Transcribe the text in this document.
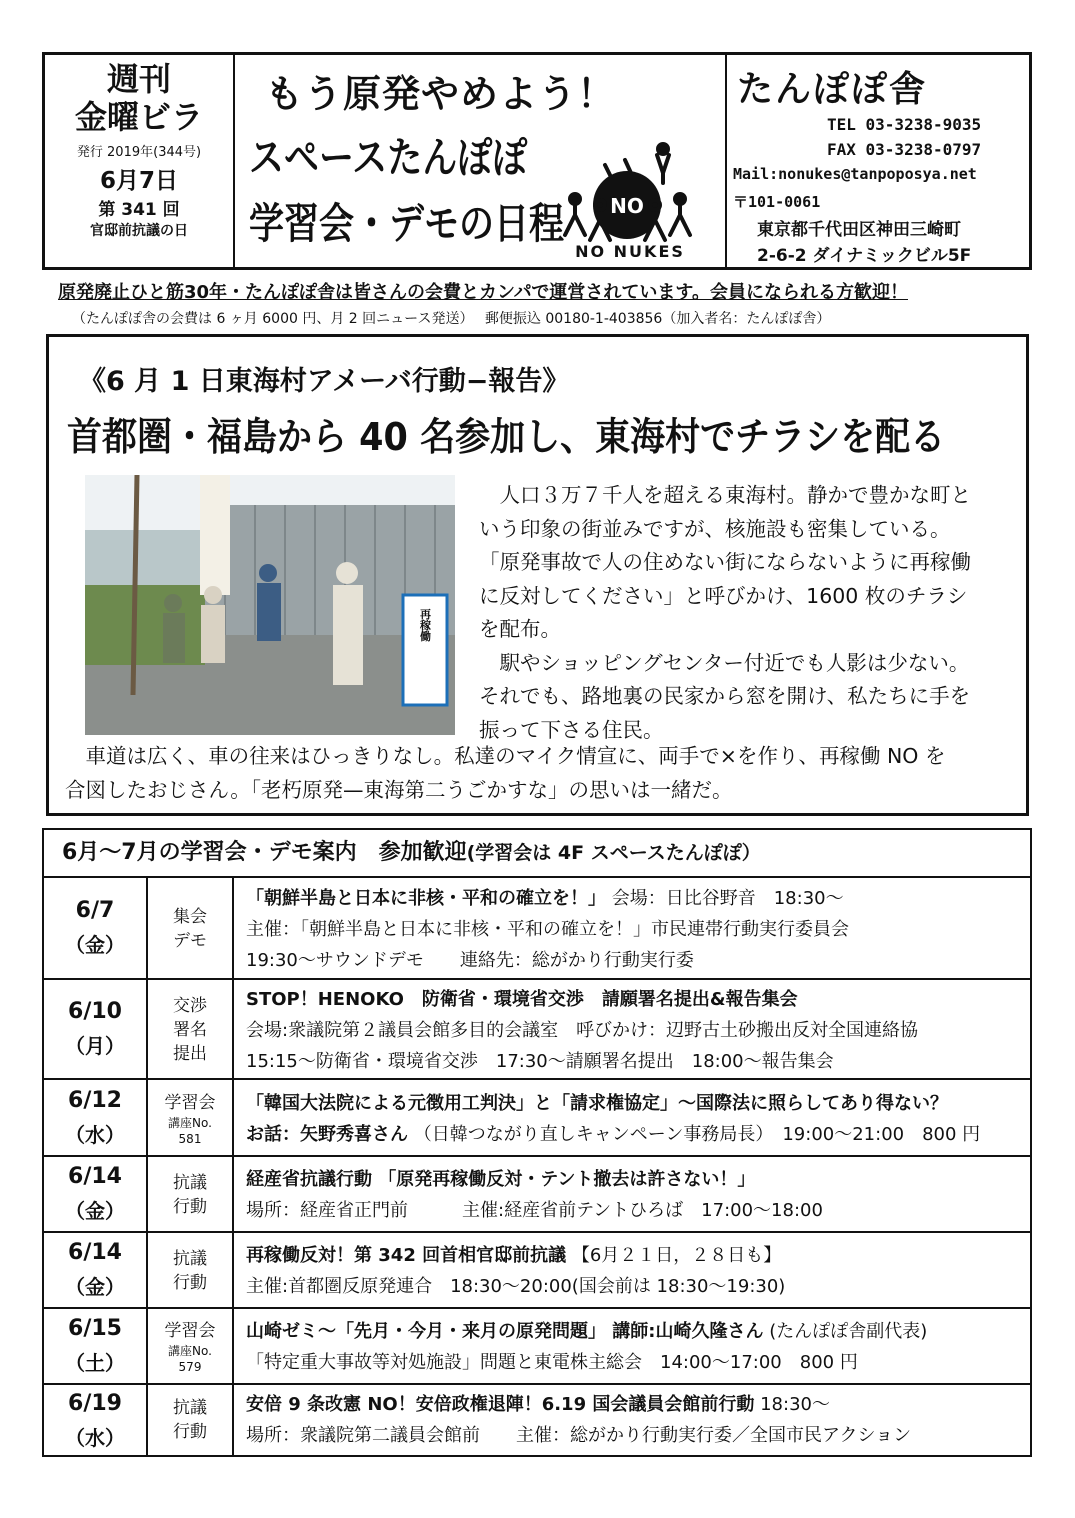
週刊
金曜ビラ
発行 2019年(344号)
6月7日
第 341 回
官邸前抗議の日
もう原発やめよう！
スペースたんぽぽ
学習会・デモの日程 NO
NO NUKES
たんぽぽ舎
TEL 03-3238-9035
FAX 03-3238-0797
Mail:nonukes@tanpoposya.net
〒101-0061
東京都千代田区神田三崎町
2-6-2 ダイナミックビル5F
原発廃止ひと筋30年・たんぽぽ舎は皆さんの会費とカンパで運営されています。会員になられる方歓迎！
（たんぽぽ舎の会費は 6 ヶ月 6000 円、月 2 回ニュース発送）　 郵便振込 00180-1-403856（加入者名：たんぽぽ舎）
《6 月 1 日東海村アメーバ行動−報告》
首都圏・福島から 40 名参加し、東海村でチラシを配る
再稼働
　人口３万７千人を超える東海村。静かで豊かな町と
いう印象の街並みですが、核施設も密集している。
「原発事故で人の住めない街にならないように再稼働
に反対してください」と呼びかけ、1600 枚のチラシ
を配布。
　駅やショッピングセンター付近でも人影は少ない。
それでも、路地裏の民家から窓を開け、私たちに手を
振って下さる住民。
　車道は広く、車の往来はひっきりなし。私達のマイク情宣に、両手で×を作り、再稼働 NO を
合図したおじさん。「老朽原発—東海第二うごかすな」の思いは一緒だ。
6月～7月の学習会・デモ案内　参加歓迎(学習会は 4F スペースたんぽぽ）
6/7
（金）
集会
デモ
「朝鮮半島と日本に非核・平和の確立を！」 会場：日比谷野音　18:30～
主催：「朝鮮半島と日本に非核・平和の確立を！」市民連帯行動実行委員会
19:30～サウンドデモ　　連絡先：総がかり行動実行委
6/10
（月）
交渉
署名
提出
STOP！HENOKO　防衛省・環境省交渉　請願署名提出&報告集会
会場:衆議院第２議員会館多目的会議室　呼びかけ：辺野古土砂搬出反対全国連絡協
15:15～防衛省・環境省交渉　17:30～請願署名提出　18:00～報告集会
6/12
（水）
学習会
講座No.
581
「韓国大法院による元徴用工判決」と「請求権協定」～国際法に照らしてあり得ない？
お話：矢野秀喜さん （日韓つながり直しキャンペーン事務局長）　19:00～21:00　800 円
6/14
（金）
抗議
行動
経産省抗議行動 「原発再稼働反対・テント撤去は許さない！」
場所：経産省正門前　　　主催:経産省前テントひろば　17:00～18:00
6/14
（金）
抗議
行動
再稼働反対！第 342 回首相官邸前抗議 【6月２１日，２８日も】
主催:首都圏反原発連合　18:30～20:00(国会前は 18:30～19:30)
6/15
（土）
学習会
講座No.
579
山崎ゼミ～「先月・今月・来月の原発問題」 講師:山崎久隆さん (たんぽぽ舎副代表)
「特定重大事故等対処施設」問題と東電株主総会　14:00～17:00　800 円
6/19
（水）
抗議
行動
安倍 9 条改憲 NO！安倍政権退陣！6.19 国会議員会館前行動 18:30～
場所：衆議院第二議員会館前　　主催：総がかり行動実行委／全国市民アクション
